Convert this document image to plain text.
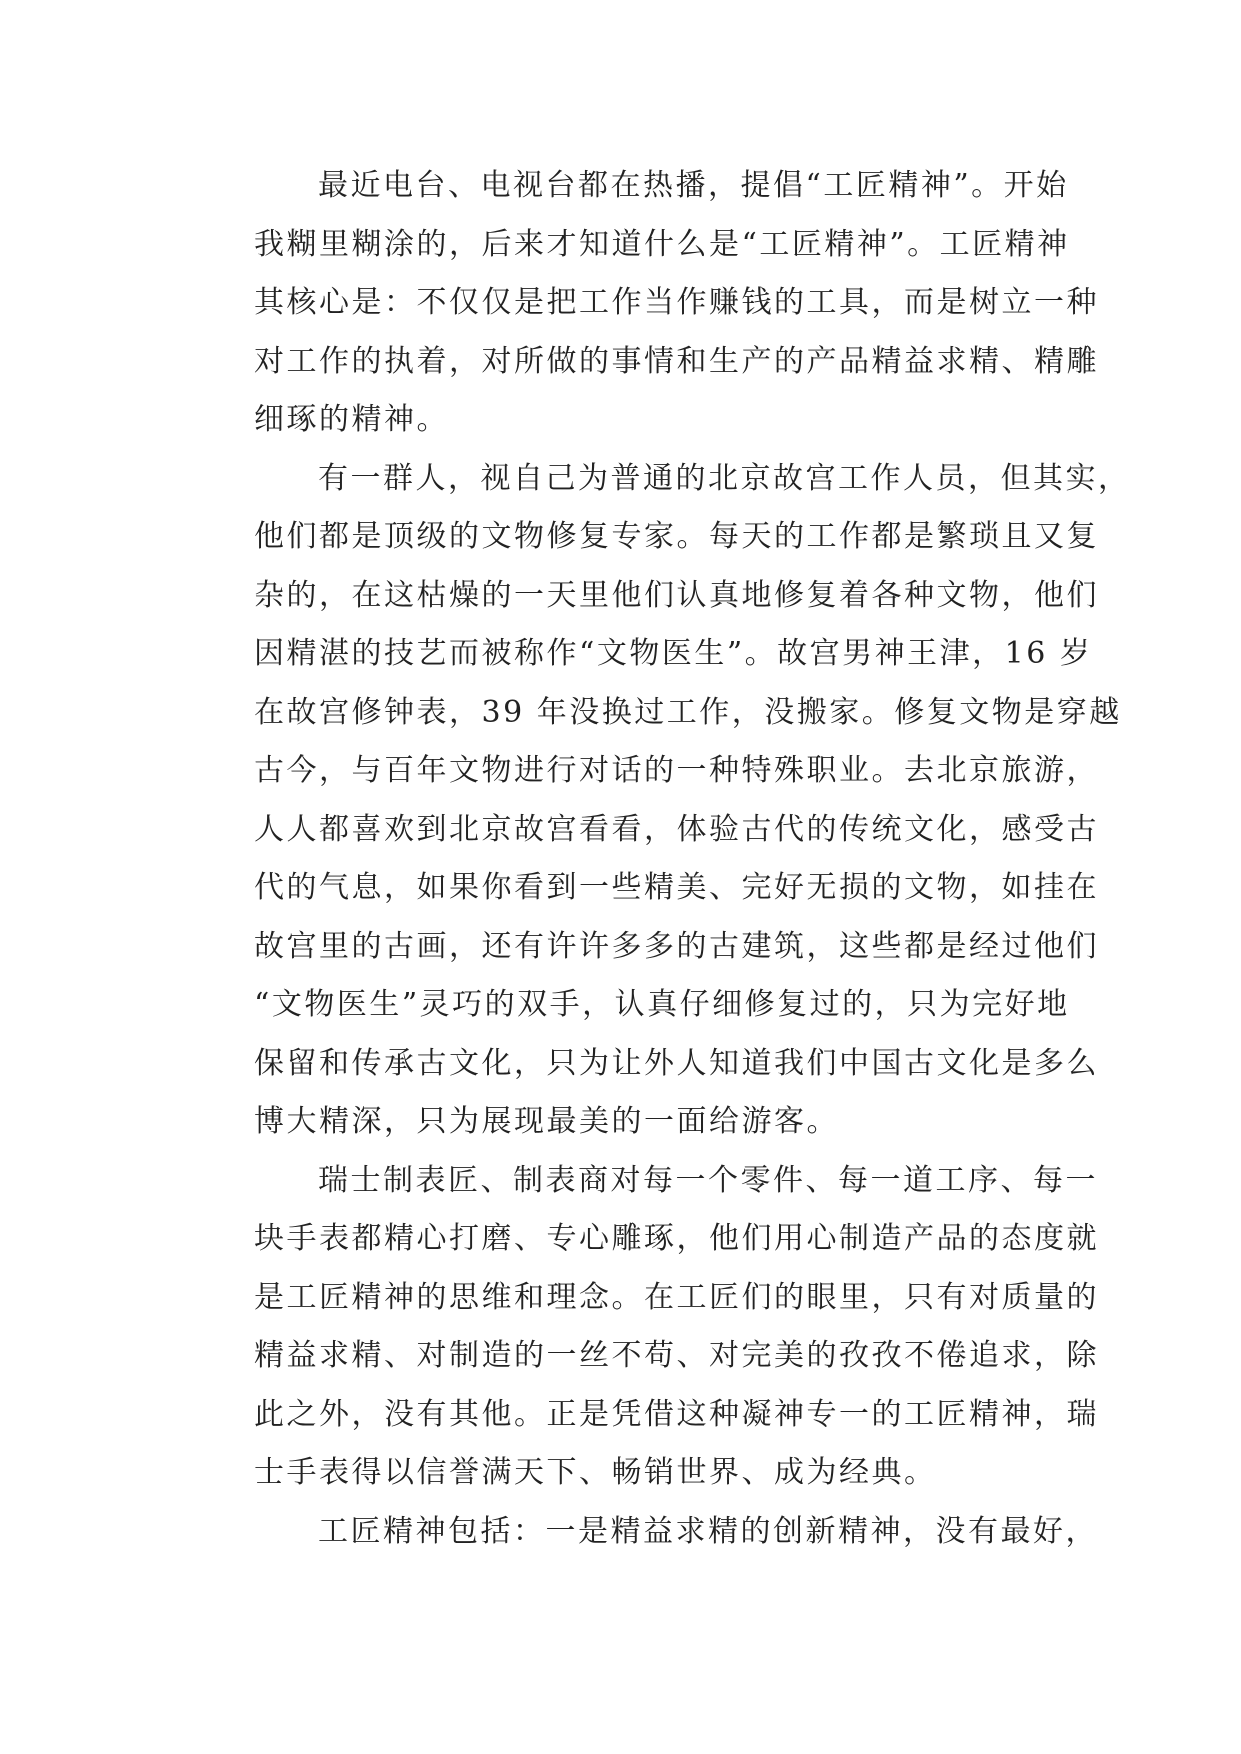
最近电台、电视台都在热播，提倡“工匠精神”。开始
我糊里糊涂的，后来才知道什么是“工匠精神”。工匠精神
其核心是：不仅仅是把工作当作赚钱的工具，而是树立一种
对工作的执着，对所做的事情和生产的产品精益求精、精雕
细琢的精神。
有一群人，视自己为普通的北京故宫工作人员，但其实，
他们都是顶级的文物修复专家。每天的工作都是繁琐且又复
杂的，在这枯燥的一天里他们认真地修复着各种文物，他们
因精湛的技艺而被称作“文物医生”。故宫男神王津，16 岁
在故宫修钟表，39 年没换过工作，没搬家。修复文物是穿越
古今，与百年文物进行对话的一种特殊职业。去北京旅游，
人人都喜欢到北京故宫看看，体验古代的传统文化，感受古
代的气息，如果你看到一些精美、完好无损的文物，如挂在
故宫里的古画，还有许许多多的古建筑，这些都是经过他们
“文物医生”灵巧的双手，认真仔细修复过的，只为完好地
保留和传承古文化，只为让外人知道我们中国古文化是多么
博大精深，只为展现最美的一面给游客。
瑞士制表匠、制表商对每一个零件、每一道工序、每一
块手表都精心打磨、专心雕琢，他们用心制造产品的态度就
是工匠精神的思维和理念。在工匠们的眼里，只有对质量的
精益求精、对制造的一丝不苟、对完美的孜孜不倦追求，除
此之外，没有其他。正是凭借这种凝神专一的工匠精神，瑞
士手表得以信誉满天下、畅销世界、成为经典。
工匠精神包括：一是精益求精的创新精神，没有最好，
